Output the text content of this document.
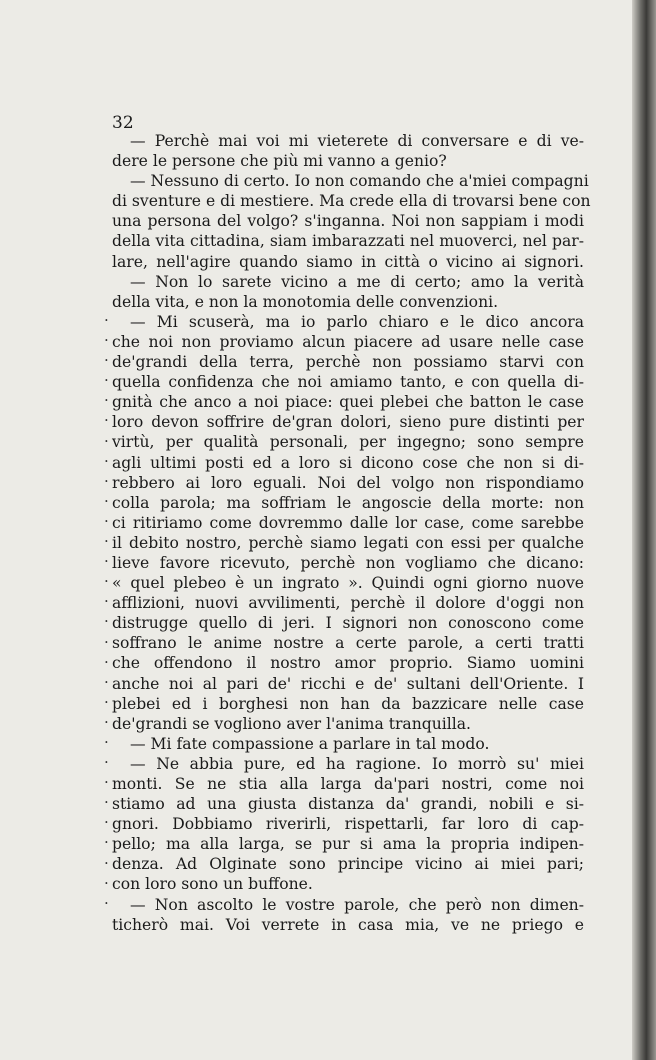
32

— Perchè mai voi mi vieterete di conversare e di ve-

dere le persone che più mi vanno a genio?

— Nessuno di certo. Io non comando che a'miei compagni

di sventure e di mestiere. Ma crede ella di trovarsi bene con

una persona del volgo? s'inganna. Noi non sappiam i modi

della vita cittadina, siam imbarazzati nel muoverci, nel par-

lare, nell'agire quando siamo in città o vicino ai signori.

— Non lo sarete vicino a me di certo; amo la verità

della vita, e non la monotomia delle convenzioni.

— Mi scuserà, ma io parlo chiaro e le dico ancora

che noi non proviamo alcun piacere ad usare nelle case

de'grandi della terra, perchè non possiamo starvi con

quella confidenza che noi amiamo tanto, e con quella di-

gnità che anco a noi piace: quei plebei che batton le case

loro devon soffrire de'gran dolori, sieno pure distinti per

virtù, per qualità personali, per ingegno; sono sempre

agli ultimi posti ed a loro si dicono cose che non si di-

rebbero ai loro eguali. Noi del volgo non rispondiamo

colla parola; ma soffriam le angoscie della morte: non

ci ritiriamo come dovremmo dalle lor case, come sarebbe

il debito nostro, perchè siamo legati con essi per qualche

lieve favore ricevuto, perchè non vogliamo che dicano:

« quel plebeo è un ingrato ». Quindi ogni giorno nuove

afflizioni, nuovi avvilimenti, perchè il dolore d'oggi non

distrugge quello di jeri. I signori non conoscono come

soffrano le anime nostre a certe parole, a certi tratti

che offendono il nostro amor proprio. Siamo uomini

anche noi al pari de' ricchi e de' sultani dell'Oriente. I

plebei ed i borghesi non han da bazzicare nelle case

de'grandi se vogliono aver l'anima tranquilla.

— Mi fate compassione a parlare in tal modo.

— Ne abbia pure, ed ha ragione. Io morrò su' miei

monti. Se ne stia alla larga da'pari nostri, come noi

stiamo ad una giusta distanza da' grandi, nobili e si-

gnori. Dobbiamo riverirli, rispettarli, far loro di cap-

pello; ma alla larga, se pur si ama la propria indipen-

denza. Ad Olginate sono principe vicino ai miei pari;

con loro sono un buffone.

— Non ascolto le vostre parole, che però non dimen-

ticherò mai. Voi verrete in casa mia, ve ne priego e

.
.
.
.
.
.
.
.
.
.
.
.
.
.
.
.
.
.
.
.
.
.
.
.
.
.
.
.
.
.
